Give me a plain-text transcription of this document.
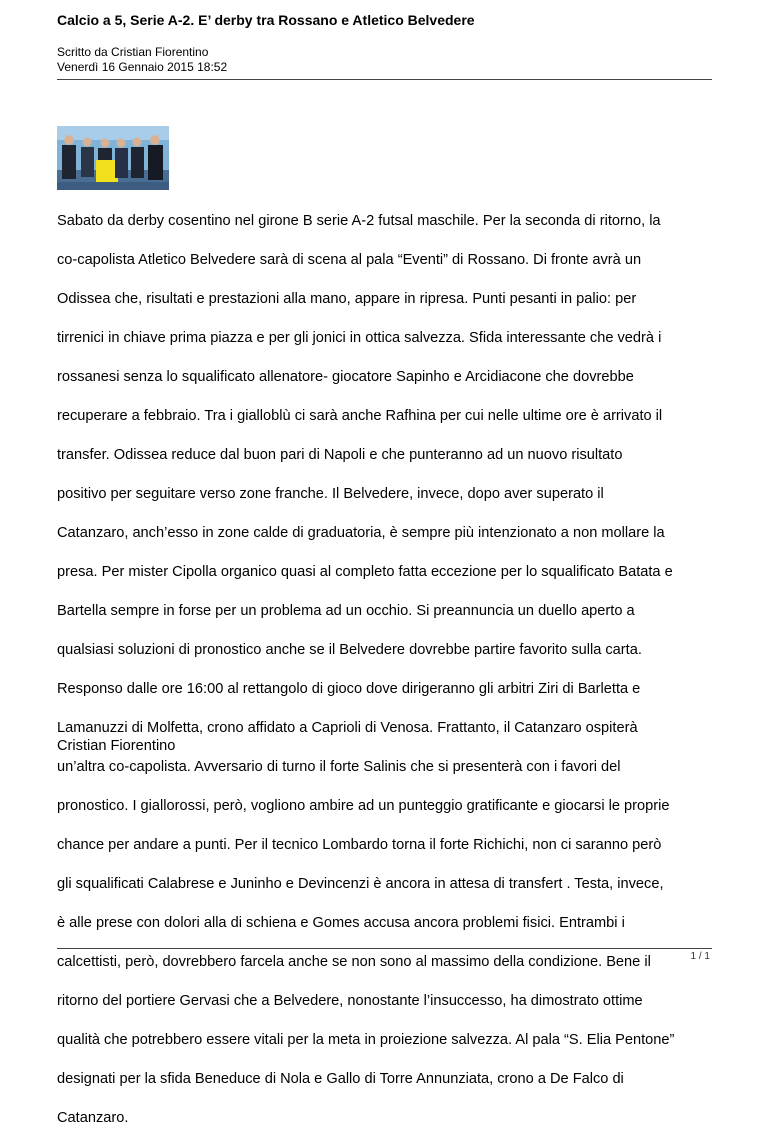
Calcio a 5, Serie A-2. E’ derby tra Rossano e Atletico Belvedere
Scritto da Cristian Fiorentino
Venerdì 16 Gennaio 2015 18:52

Sabato da derby cosentino nel girone B serie A-2 futsal maschile. Per la seconda di ritorno, la

co-capolista Atletico Belvedere sarà di scena al pala “Eventi” di Rossano. Di fronte avrà un

Odissea che, risultati e prestazioni alla mano, appare in ripresa. Punti pesanti in palio: per

tirrenici in chiave prima piazza e per gli jonici in ottica salvezza. Sfida interessante che vedrà i

rossanesi senza lo squalificato allenatore- giocatore Sapinho e Arcidiacone che dovrebbe

recuperare a febbraio. Tra i gialloblù ci sarà anche Rafhina per cui nelle ultime ore è arrivato il

transfer. Odissea reduce dal buon pari di Napoli e che punteranno ad un nuovo risultato

positivo per seguitare verso zone franche. Il Belvedere, invece, dopo aver superato il

Catanzaro, anch’esso in zone calde di graduatoria, è sempre più intenzionato a non mollare la

presa. Per mister Cipolla organico quasi al completo fatta eccezione per lo squalificato Batata e

Bartella sempre in forse per un problema ad un occhio. Si preannuncia un duello aperto a

qualsiasi soluzioni di pronostico anche se il Belvedere dovrebbe partire favorito sulla carta.

Responso dalle ore 16:00 al rettangolo di gioco dove dirigeranno gli arbitri Ziri di Barletta e

Lamanuzzi di Molfetta, crono affidato a Caprioli di Venosa. Frattanto, il Catanzaro ospiterà

un’altra co-capolista. Avversario di turno il forte Salinis che si presenterà con i favori del

pronostico. I giallorossi, però, vogliono ambire ad un punteggio gratificante e giocarsi le proprie

chance per andare a punti. Per il tecnico Lombardo torna il forte Richichi, non ci saranno però

gli squalificati Calabrese e Juninho e Devincenzi è ancora in attesa di transfert . Testa, invece,

è alle prese con dolori alla di schiena e Gomes accusa ancora problemi fisici. Entrambi i

calcettisti, però, dovrebbero farcela anche se non sono al massimo della condizione. Bene il

ritorno del portiere Gervasi che a Belvedere, nonostante l’insuccesso, ha dimostrato ottime

qualità che potrebbero essere vitali per la meta in proiezione salvezza. Al pala “S. Elia Pentone”

designati per la sfida Beneduce di Nola e Gallo di Torre Annunziata, crono a De Falco di

Catanzaro.

Cristian Fiorentino
1 / 1
